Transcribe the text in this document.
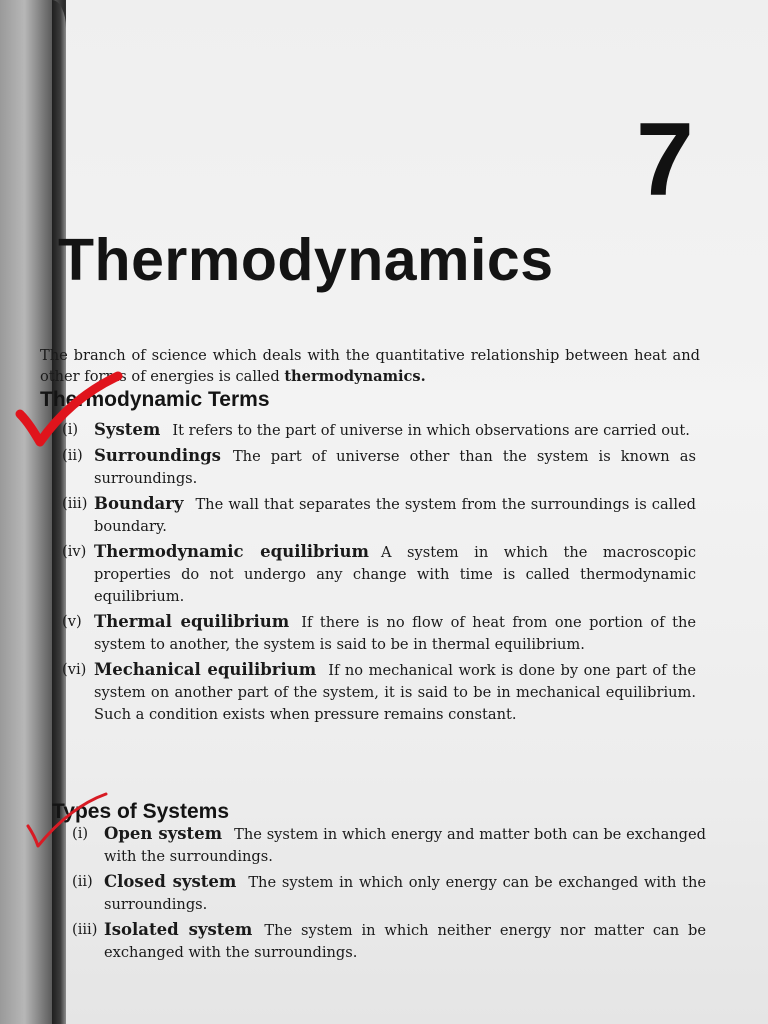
7
Thermodynamics

The branch of science which deals with the quantitative relationship between heat and other forms of energies is called thermodynamics.

Thermodynamic Terms
(i) System It refers to the part of universe in which observations are carried out.
(ii) Surroundings The part of universe other than the system is known as surroundings.
(iii) Boundary The wall that separates the system from the surroundings is called boundary.
(iv) Thermodynamic equilibrium A system in which the macroscopic properties do not undergo any change with time is called thermodynamic equilibrium.
(v) Thermal equilibrium If there is no flow of heat from one portion of the system to another, the system is said to be in thermal equilibrium.
(vi) Mechanical equilibrium If no mechanical work is done by one part of the system on another part of the system, it is said to be in mechanical equilibrium. Such a condition exists when pressure remains constant.
Types of Systems
(i) Open system The system in which energy and matter both can be exchanged with the surroundings.
(ii) Closed system The system in which only energy can be exchanged with the surroundings.
(iii) Isolated system The system in which neither energy nor matter can be exchanged with the surroundings.
